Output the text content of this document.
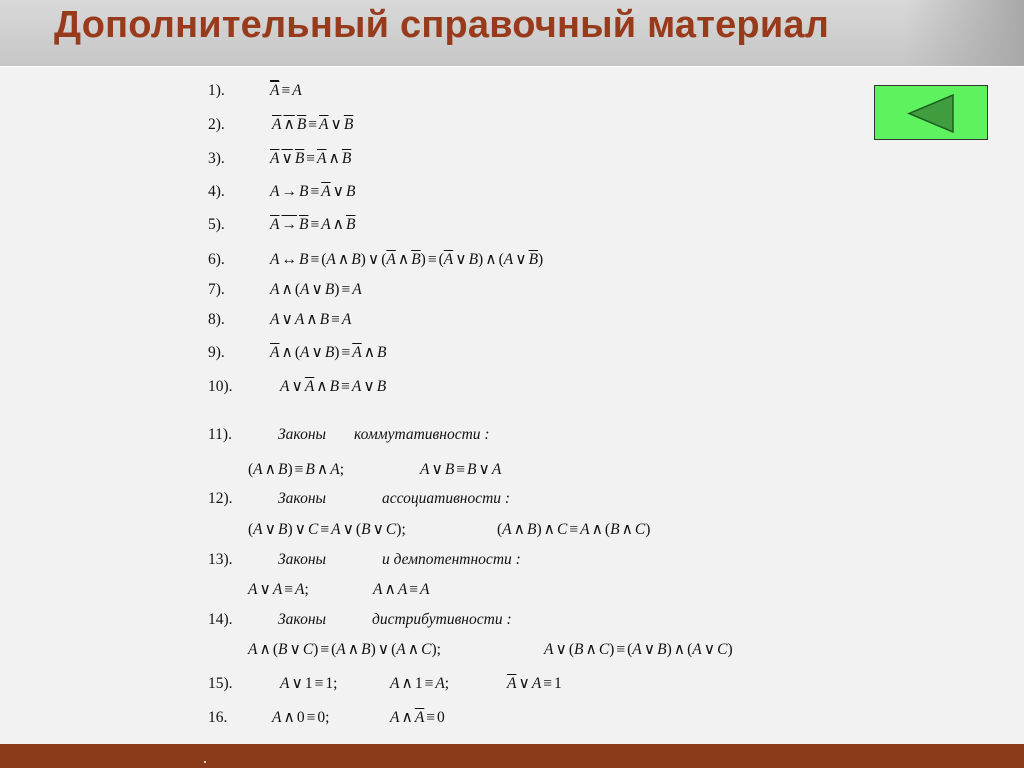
Дополнительный справочный материал
1).	$\overline{A} \equiv A$
2).	A ∧ $B \equiv \overline{A}$ ∨ $\overline{B}$
3).	A ∨ $B \equiv \overline{A}$ ∧ $\overline{B}$
4).	$A \to B \equiv \overline{A}$ ∨ B
5).	A → B ≡ A ∧ $\overline{B}$
6).	A ↔ B ≡ (A ∧ B) ∨ ($\overline{A}$ ∧ $\overline{B}) \equiv (\overline{A}$ ∨ B) ∧ (A ∨ $\overline{B}$)
7).	A ∧ (A ∨ B) ≡ A
8).	A ∨ A ∧ B ≡ A
9).	$\overline{A}$ ∧ (A ∨ $B) \equiv \overline{A}$ ∧ B
10).	A ∨ $\overline{A}$ ∧ B ≡ A ∨ B
11).	Законы коммутативности :
(A ∧ B) ≡ B ∧ A;	A ∨ B ≡ B ∨ A
12).	Законы	ассоциативности :
(A ∨ B) ∨ C ≡ A ∨ (B ∨ C);	(A ∧ B) ∧ C ≡ A ∧ (B ∧ C)
13).	Законы	и демпотентности :
A ∨ A ≡ A;	A ∧ A ≡ A
14).	Законы	дистрибутивности :
A ∧ (B ∨ C) ≡ (A ∧ B) ∨ (A ∧ C);	A ∨ (B ∧ C) ≡ (A ∨ B) ∧ (A ∨ C)
15).	A ∨ 1 ≡ 1;	A ∧ 1 ≡ A;	$\overline{A}$ ∨ A ≡ 1
16.	A ∧ 0 ≡ 0;	A ∧ $\overline{A} \equiv 0$
